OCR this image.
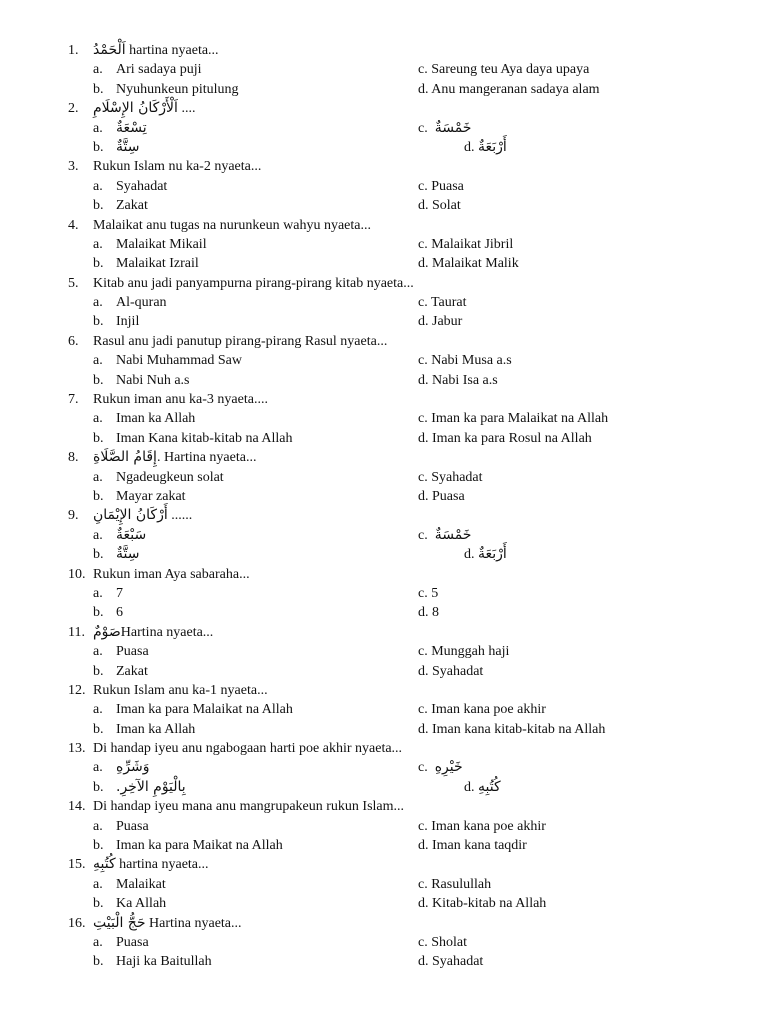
1. اَلْحَمْدُ hartina nyaeta...
a. Ari sadaya puji	c. Sareung teu Aya daya upaya
b. Nyuhunkeun pitulung	d. Anu mangeranan sadaya alam
2. اَلْأَرْكَانُ الإِسْلَامِ ....
a. تِسْعَةٌ	c. خَمْسَةٌ
b. سِتَّةٌ	d. أَرْبَعَةٌ
3. Rukun Islam nu ka-2 nyaeta...
a. Syahadat	c. Puasa
b. Zakat	d. Solat
4. Malaikat anu tugas na nurunkeun wahyu nyaeta...
a. Malaikat Mikail	c. Malaikat Jibril
b. Malaikat Izrail	d. Malaikat Malik
5. Kitab anu jadi panyampurna pirang-pirang kitab nyaeta...
a. Al-quran	c. Taurat
b. Injil	d. Jabur
6. Rasul anu jadi panutup pirang-pirang Rasul nyaeta...
a. Nabi Muhammad Saw	c. Nabi Musa a.s
b. Nabi Nuh a.s	d. Nabi Isa a.s
7. Rukun iman anu ka-3 nyaeta....
a. Iman ka Allah	c. Iman ka para Malaikat na Allah
b. Iman Kana kitab-kitab na Allah	d. Iman ka para Rosul na Allah
8. إِقَامُ الصَّلَاةِ. Hartina nyaeta...
a. Ngadeugkeun solat	c. Syahadat
b. Mayar zakat	d. Puasa
9. أَرْكَانُ الإِيْمَانِ ......
a. سَبْعَةٌ	c. خَمْسَةٌ
b. سِتَّةٌ	d. أَرْبَعَةٌ
10. Rukun iman Aya sabaraha...
a. 7	c. 5
b. 6	d. 8
11. صَوْمٌHartina nyaeta...
a. Puasa	c. Munggah haji
b. Zakat	d. Syahadat
12. Rukun Islam anu ka-1 nyaeta...
a. Iman ka para Malaikat na Allah	c. Iman kana poe akhir
b. Iman ka Allah	d. Iman kana kitab-kitab na Allah
13. Di handap iyeu anu ngabogaan harti poe akhir nyaeta...
a. وَشَرِّهِ	c. خَيْرِهِ
b. بِالْيَوْمِ الآخِرِ.	d. كُتُبِهِ
14. Di handap iyeu mana anu mangrupakeun rukun Islam...
a. Puasa	c. Iman kana poe akhir
b. Iman ka para Maikat na Allah	d. Iman kana taqdir
15. كُتُبِهِ hartina nyaeta...
a. Malaikat	c. Rasulullah
b. Ka Allah	d. Kitab-kitab na Allah
16. حَجُّ الْبَيْتِ Hartina nyaeta...
a. Puasa	c. Sholat
b. Haji ka Baitullah	d. Syahadat
